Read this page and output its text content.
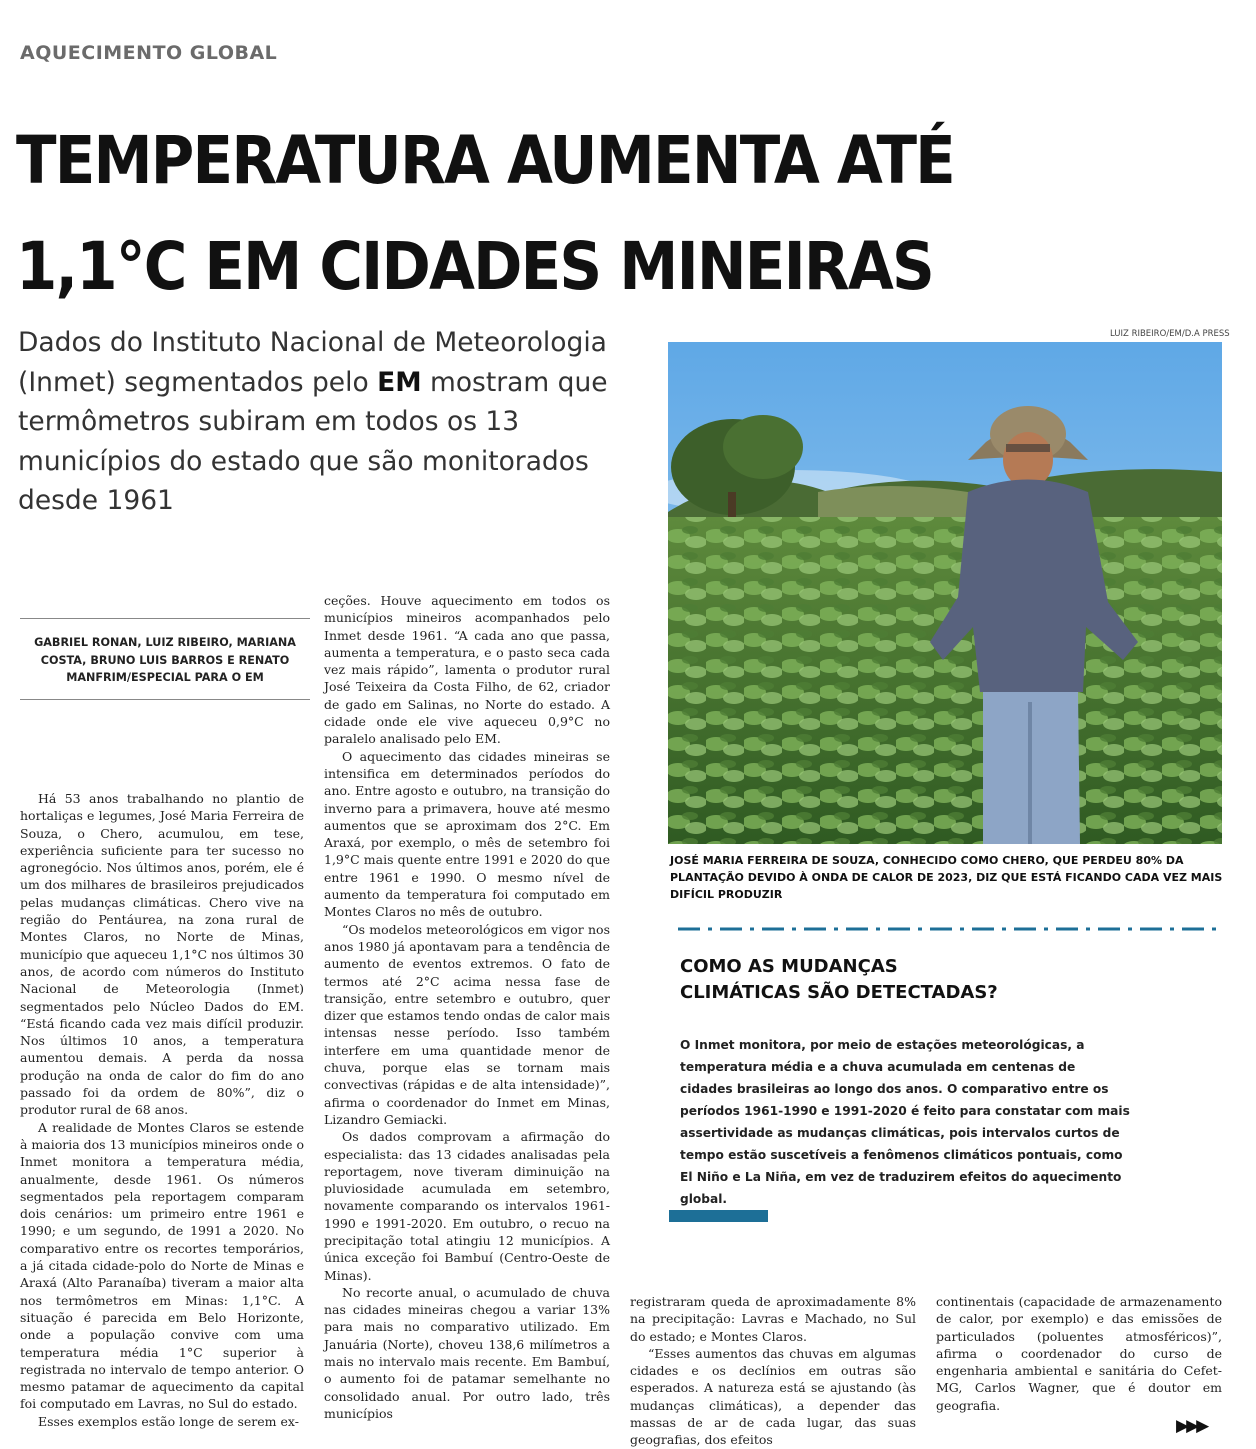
AQUECIMENTO GLOBAL
TEMPERATURA AUMENTA ATÉ
1,1°C EM CIDADES MINEIRAS
Dados do Instituto Nacional de Meteorologia (Inmet) segmentados pelo EM mostram que termômetros subiram em todos os 13 municípios do estado que são monitorados desde 1961
GABRIEL RONAN, LUIZ RIBEIRO, MARIANA COSTA, BRUNO LUIS BARROS E RENATO MANFRIM/ESPECIAL PARA O EM

Há 53 anos trabalhando no plantio de hortaliças e legumes, José Maria Ferreira de Souza, o Chero, acumulou, em tese, experiência suficiente para ter sucesso no agronegócio. Nos últimos anos, porém, ele é um dos milhares de brasileiros prejudicados pelas mudanças climáticas. Chero vive na região do Pentáurea, na zona rural de Montes Claros, no Norte de Minas, município que aqueceu 1,1°C nos últimos 30 anos, de acordo com números do Instituto Nacional de Meteorologia (Inmet) segmentados pelo Núcleo Dados do EM. “Está ficando cada vez mais difícil produzir. Nos últimos 10 anos, a temperatura aumentou demais. A perda da nossa produção na onda de calor do fim do ano passado foi da ordem de 80%”, diz o produtor rural de 68 anos.

A realidade de Montes Claros se estende à maioria dos 13 municípios mineiros onde o Inmet monitora a temperatura média, anualmente, desde 1961. Os números segmentados pela reportagem comparam dois cenários: um primeiro entre 1961 e 1990; e um segundo, de 1991 a 2020. No comparativo entre os recortes temporários, a já citada cidade-polo do Norte de Minas e Araxá (Alto Paranaíba) tiveram a maior alta nos termômetros em Minas: 1,1°C. A situação é parecida em Belo Horizonte, onde a população convive com uma temperatura média 1°C superior à registrada no intervalo de tempo anterior. O mesmo patamar de aquecimento da capital foi computado em Lavras, no Sul do estado.

Esses exemplos estão longe de serem ex-

ceções. Houve aquecimento em todos os municípios mineiros acompanhados pelo Inmet desde 1961. “A cada ano que passa, aumenta a temperatura, e o pasto seca cada vez mais rápido”, lamenta o produtor rural José Teixeira da Costa Filho, de 62, criador de gado em Salinas, no Norte do estado. A cidade onde ele vive aqueceu 0,9°C no paralelo analisado pelo EM.

O aquecimento das cidades mineiras se intensifica em determinados períodos do ano. Entre agosto e outubro, na transição do inverno para a primavera, houve até mesmo aumentos que se aproximam dos 2°C. Em Araxá, por exemplo, o mês de setembro foi 1,9°C mais quente entre 1991 e 2020 do que entre 1961 e 1990. O mesmo nível de aumento da temperatura foi computado em Montes Claros no mês de outubro.

“Os modelos meteorológicos em vigor nos anos 1980 já apontavam para a tendência de aumento de eventos extremos. O fato de termos até 2°C acima nessa fase de transição, entre setembro e outubro, quer dizer que estamos tendo ondas de calor mais intensas nesse período. Isso também interfere em uma quantidade menor de chuva, porque elas se tornam mais convectivas (rápidas e de alta intensidade)”, afirma o coordenador do Inmet em Minas, Lizandro Gemiacki.

Os dados comprovam a afirmação do especialista: das 13 cidades analisadas pela reportagem, nove tiveram diminuição na pluviosidade acumulada em setembro, novamente comparando os intervalos 1961-1990 e 1991-2020. Em outubro, o recuo na precipitação total atingiu 12 municípios. A única exceção foi Bambuí (Centro-Oeste de Minas).

No recorte anual, o acumulado de chuva nas cidades mineiras chegou a variar 13% para mais no comparativo utilizado. Em Januária (Norte), choveu 138,6 milímetros a mais no intervalo mais recente. Em Bambuí, o aumento foi de patamar semelhante no consolidado anual. Por outro lado, três municípios

registraram queda de aproximadamente 8% na precipitação: Lavras e Machado, no Sul do estado; e Montes Claros.

“Esses aumentos das chuvas em algumas cidades e os declínios em outras são esperados. A natureza está se ajustando (às mudanças climáticas), a depender das massas de ar de cada lugar, das suas geografias, dos efeitos

continentais (capacidade de armazenamento de calor, por exemplo) e das emissões de particulados (poluentes atmosféricos)”, afirma o coordenador do curso de engenharia ambiental e sanitária do Cefet-MG, Carlos Wagner, que é doutor em geografia.

LUIZ RIBEIRO/EM/D.A PRESS
JOSÉ MARIA FERREIRA DE SOUZA, CONHECIDO COMO CHERO, QUE PERDEU 80% DA PLANTAÇÃO DEVIDO À ONDA DE CALOR DE 2023, DIZ QUE ESTÁ FICANDO CADA VEZ MAIS DIFÍCIL PRODUZIR
COMO AS MUDANÇAS
CLIMÁTICAS SÃO DETECTADAS?
O Inmet monitora, por meio de estações meteorológicas, a temperatura média e a chuva acumulada em centenas de cidades brasileiras ao longo dos anos. O comparativo entre os períodos 1961-1990 e 1991-2020 é feito para constatar com mais assertividade as mudanças climáticas, pois intervalos curtos de tempo estão suscetíveis a fenômenos climáticos pontuais, como El Niño e La Niña, em vez de traduzirem efeitos do aquecimento global.
▶▶▶
